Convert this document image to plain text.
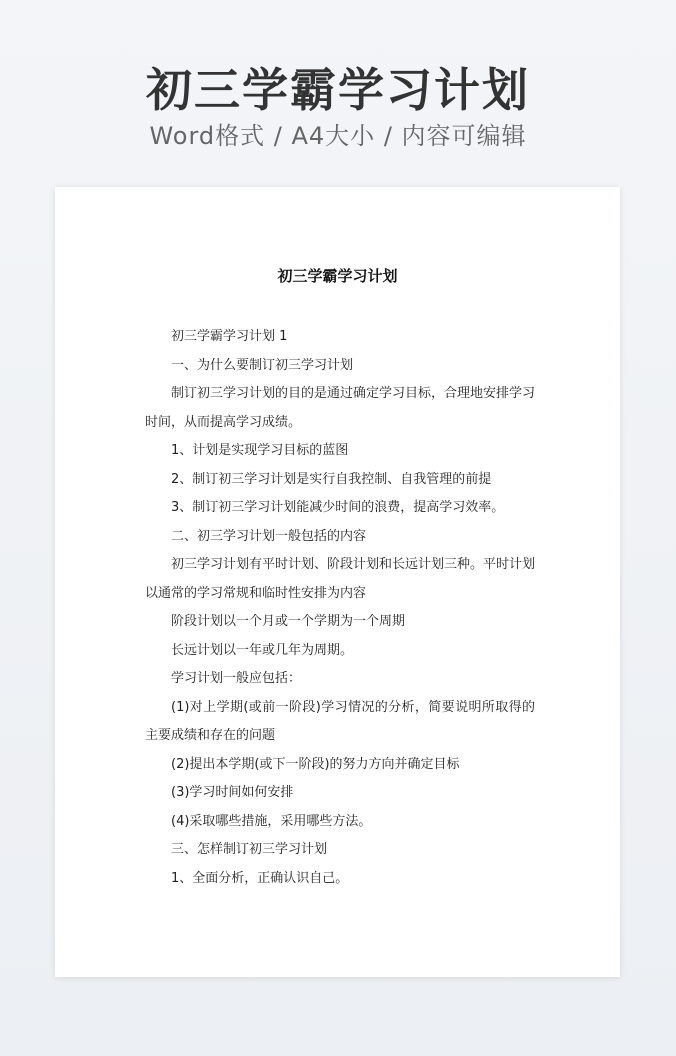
初三学霸学习计划
Word格式 / A4大小 / 内容可编辑
初三学霸学习计划

初三学霸学习计划 1

一、为什么要制订初三学习计划

制订初三学习计划的目的是通过确定学习目标，合理地安排学习时间，从而提高学习成绩。

1、计划是实现学习目标的蓝图

2、制订初三学习计划是实行自我控制、自我管理的前提

3、制订初三学习计划能减少时间的浪费，提高学习效率。

二、初三学习计划一般包括的内容

初三学习计划有平时计划、阶段计划和长远计划三种。平时计划以通常的学习常规和临时性安排为内容

阶段计划以一个月或一个学期为一个周期

长远计划以一年或几年为周期。

学习计划一般应包括：

(1)对上学期(或前一阶段)学习情况的分析，简要说明所取得的主要成绩和存在的问题

(2)提出本学期(或下一阶段)的努力方向并确定目标

(3)学习时间如何安排

(4)采取哪些措施，采用哪些方法。

三、怎样制订初三学习计划

1、全面分析，正确认识自己。
